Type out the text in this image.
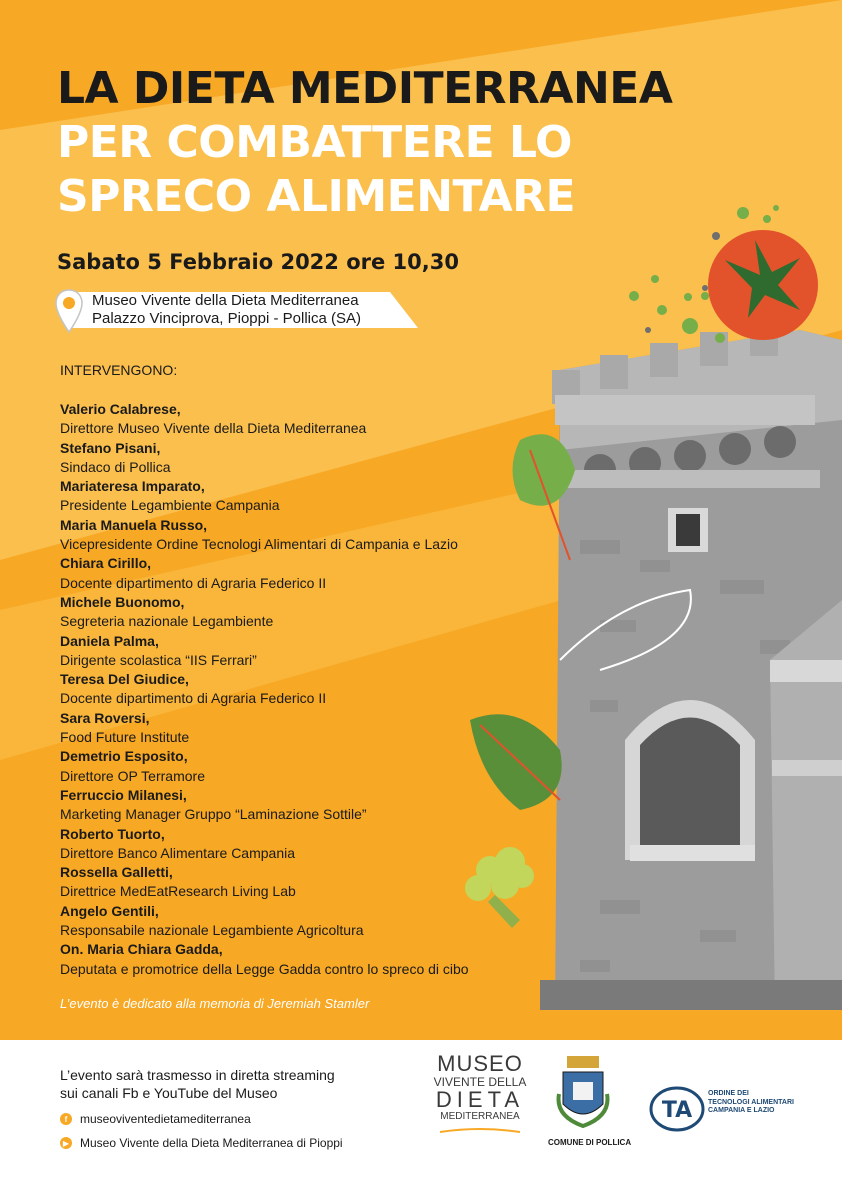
LA DIETA MEDITERRANEA
PER COMBATTERE LO
SPRECO ALIMENTARE
Sabato 5 Febbraio 2022 ore 10,30
Museo Vivente della Dieta Mediterranea
Palazzo Vinciprova, Pioppi - Pollica (SA)
INTERVENGONO:
Valerio Calabrese,
Direttore Museo Vivente della Dieta Mediterranea
Stefano Pisani,
Sindaco di Pollica
Mariateresa Imparato,
Presidente Legambiente Campania
Maria Manuela Russo,
Vicepresidente Ordine Tecnologi Alimentari di Campania e Lazio
Chiara Cirillo,
Docente dipartimento di Agraria Federico II
Michele Buonomo,
Segreteria nazionale Legambiente
Daniela Palma,
Dirigente scolastica “IIS Ferrari”
Teresa Del Giudice,
Docente dipartimento di Agraria Federico II
Sara Roversi,
Food Future Institute
Demetrio Esposito,
Direttore OP Terramore
Ferruccio Milanesi,
Marketing Manager Gruppo “Laminazione Sottile”
Roberto Tuorto,
Direttore Banco Alimentare Campania
Rossella Galletti,
Direttrice MedEatResearch Living Lab
Angelo Gentili,
Responsabile nazionale Legambiente Agricoltura
On. Maria Chiara Gadda,
Deputata e promotrice della Legge Gadda contro lo spreco di cibo
L’evento è dedicato alla memoria di Jeremiah Stamler
L’evento sarà trasmesso in diretta streaming
sui canali Fb e YouTube del Museo
f	museoviventedietamediterranea
▶ Museo Vivente della Dieta Mediterranea di Pioppi
MUSEO
VIVENTE DELLA
DIETA
MEDITERRANEA
COMUNE DI POLLICA
TA
ORDINE DEI
TECNOLOGI ALIMENTARI
CAMPANIA E LAZIO
